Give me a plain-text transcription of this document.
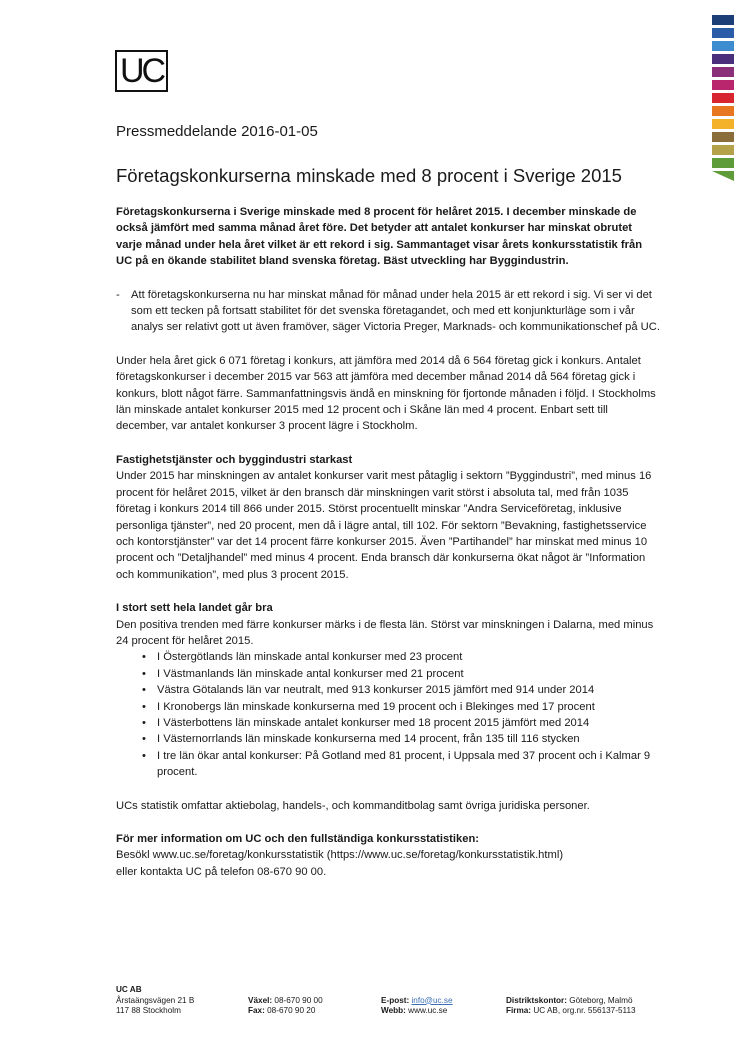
UC

Pressmeddelande 2016-01-05

Företagskonkurserna minskade med 8 procent i Sverige 2015

Företagskonkurserna i Sverige minskade med 8 procent för helåret 2015. I december minskade de också jämfört med samma månad året före. Det betyder att antalet konkurser har minskat obrutet varje månad under hela året vilket är ett rekord i sig. Sammantaget visar årets konkursstatistik från UC på en ökande stabilitet bland svenska företag. Bäst utveckling har Byggindustrin.

-	Att företagskonkurserna nu har minskat månad för månad under hela 2015 är ett rekord i sig. Vi ser vi det som ett tecken på fortsatt stabilitet för det svenska företagandet, och med ett konjunkturläge som i vår analys ser relativt gott ut även framöver, säger Victoria Preger, Marknads- och kommunikationschef på UC.

Under hela året gick 6 071 företag i konkurs, att jämföra med 2014 då 6 564 företag gick i konkurs. Antalet företagskonkurser i december 2015 var 563 att jämföra med december månad 2014 då 564 företag gick i konkurs, blott något färre. Sammanfattningsvis ändå en minskning för fjortonde månaden i följd. I Stockholms län minskade antalet konkurser 2015 med 12 procent och i Skåne län med 4 procent. Enbart sett till december, var antalet konkurser 3 procent lägre i Stockholm.

Fastighetstjänster och byggindustri starkast

Under 2015 har minskningen av antalet konkurser varit mest påtaglig i sektorn ”Byggindustri”, med minus 16 procent för helåret 2015, vilket är den bransch där minskningen varit störst i absoluta tal, med från 1035 företag i konkurs 2014 till 866 under 2015. Störst procentuellt minskar ”Andra Serviceföretag, inklusive personliga tjänster”, ned 20 procent, men då i lägre antal, till 102. För sektorn ”Bevakning, fastighetsservice och kontorstjänster” var det 14 procent färre konkurser 2015. Även ”Partihandel” har minskat med minus 10 procent och ”Detaljhandel” med minus 4 procent. Enda bransch där konkurserna ökat något är ”Information och kommunikation”, med plus 3 procent 2015.

I stort sett hela landet går bra

Den positiva trenden med färre konkurser märks i de flesta län. Störst var minskningen i Dalarna, med minus 24 procent för helåret 2015.

• I Östergötlands län minskade antal konkurser med 23 procent
• I Västmanlands län minskade antal konkurser med 21 procent
• Västra Götalands län var neutralt, med 913 konkurser 2015 jämfört med 914 under 2014
• I Kronobergs län minskade konkurserna med 19 procent och i Blekinges med 17 procent
• I Västerbottens län minskade antalet konkurser med 18 procent 2015 jämfört med 2014
• I Västernorrlands län minskade konkurserna med 14 procent, från 135 till 116 stycken
• I tre län ökar antal konkurser: På Gotland med 81 procent, i Uppsala med 37 procent och i Kalmar 9 procent.

UCs statistik omfattar aktiebolag, handels-, och kommanditbolag samt övriga juridiska personer.

För mer information om UC och den fullständiga konkursstatistiken:

Besökl www.uc.se/foretag/konkursstatistik (https://www.uc.se/foretag/konkursstatistik.html)

eller kontakta UC på telefon 08-670 90 00.

UC AB
Årstaängsvägen 21 B
117 88 Stockholm
Växel: 08-670 90 00
Fax: 08-670 90 20
E-post: info@uc.se
Webb: www.uc.se
Distriktskontor: Göteborg, Malmö
Firma: UC AB, org.nr. 556137-5113
